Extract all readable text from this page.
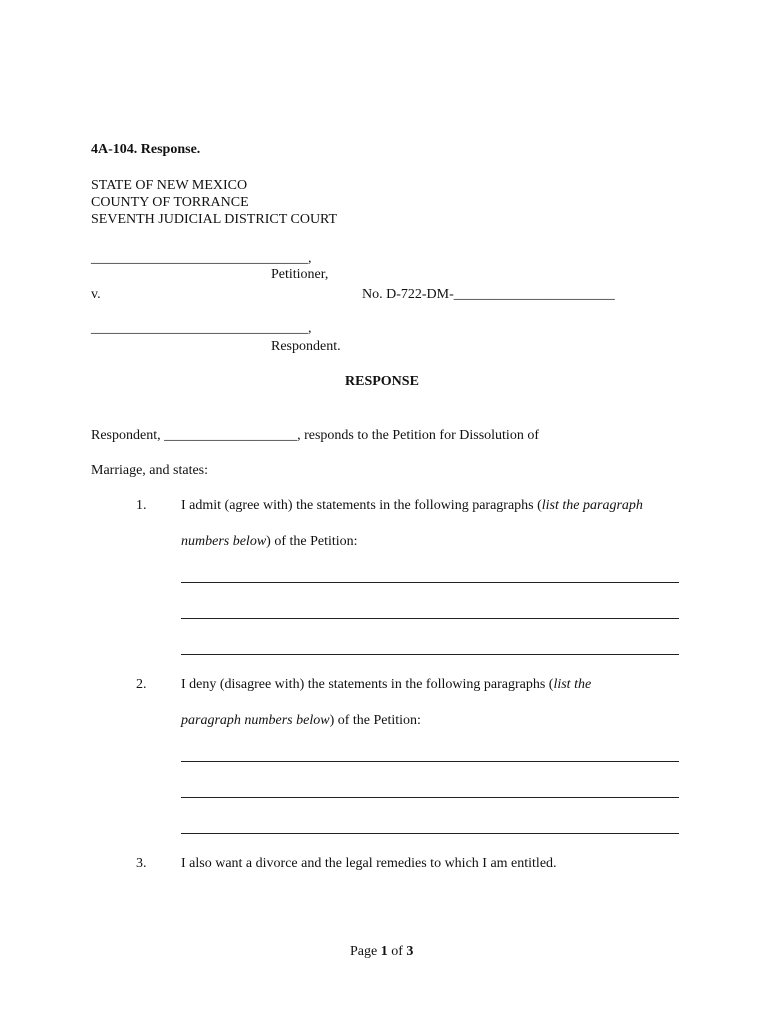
4A-104. Response.
STATE OF NEW MEXICO
COUNTY OF TORRANCE
SEVENTH JUDICIAL DISTRICT COURT
_______________________________,
Petitioner,
v.	No. D-722-DM-_______________________
_______________________________,
Respondent.
RESPONSE
Respondent, ___________________, responds to the Petition for Dissolution of
Marriage, and states:
1. I admit (agree with) the statements in the following paragraphs (list the paragraph
numbers below) of the Petition:
2. I deny (disagree with) the statements in the following paragraphs (list the
paragraph numbers below) of the Petition:
3. I also want a divorce and the legal remedies to which I am entitled.
Page 1 of 3
